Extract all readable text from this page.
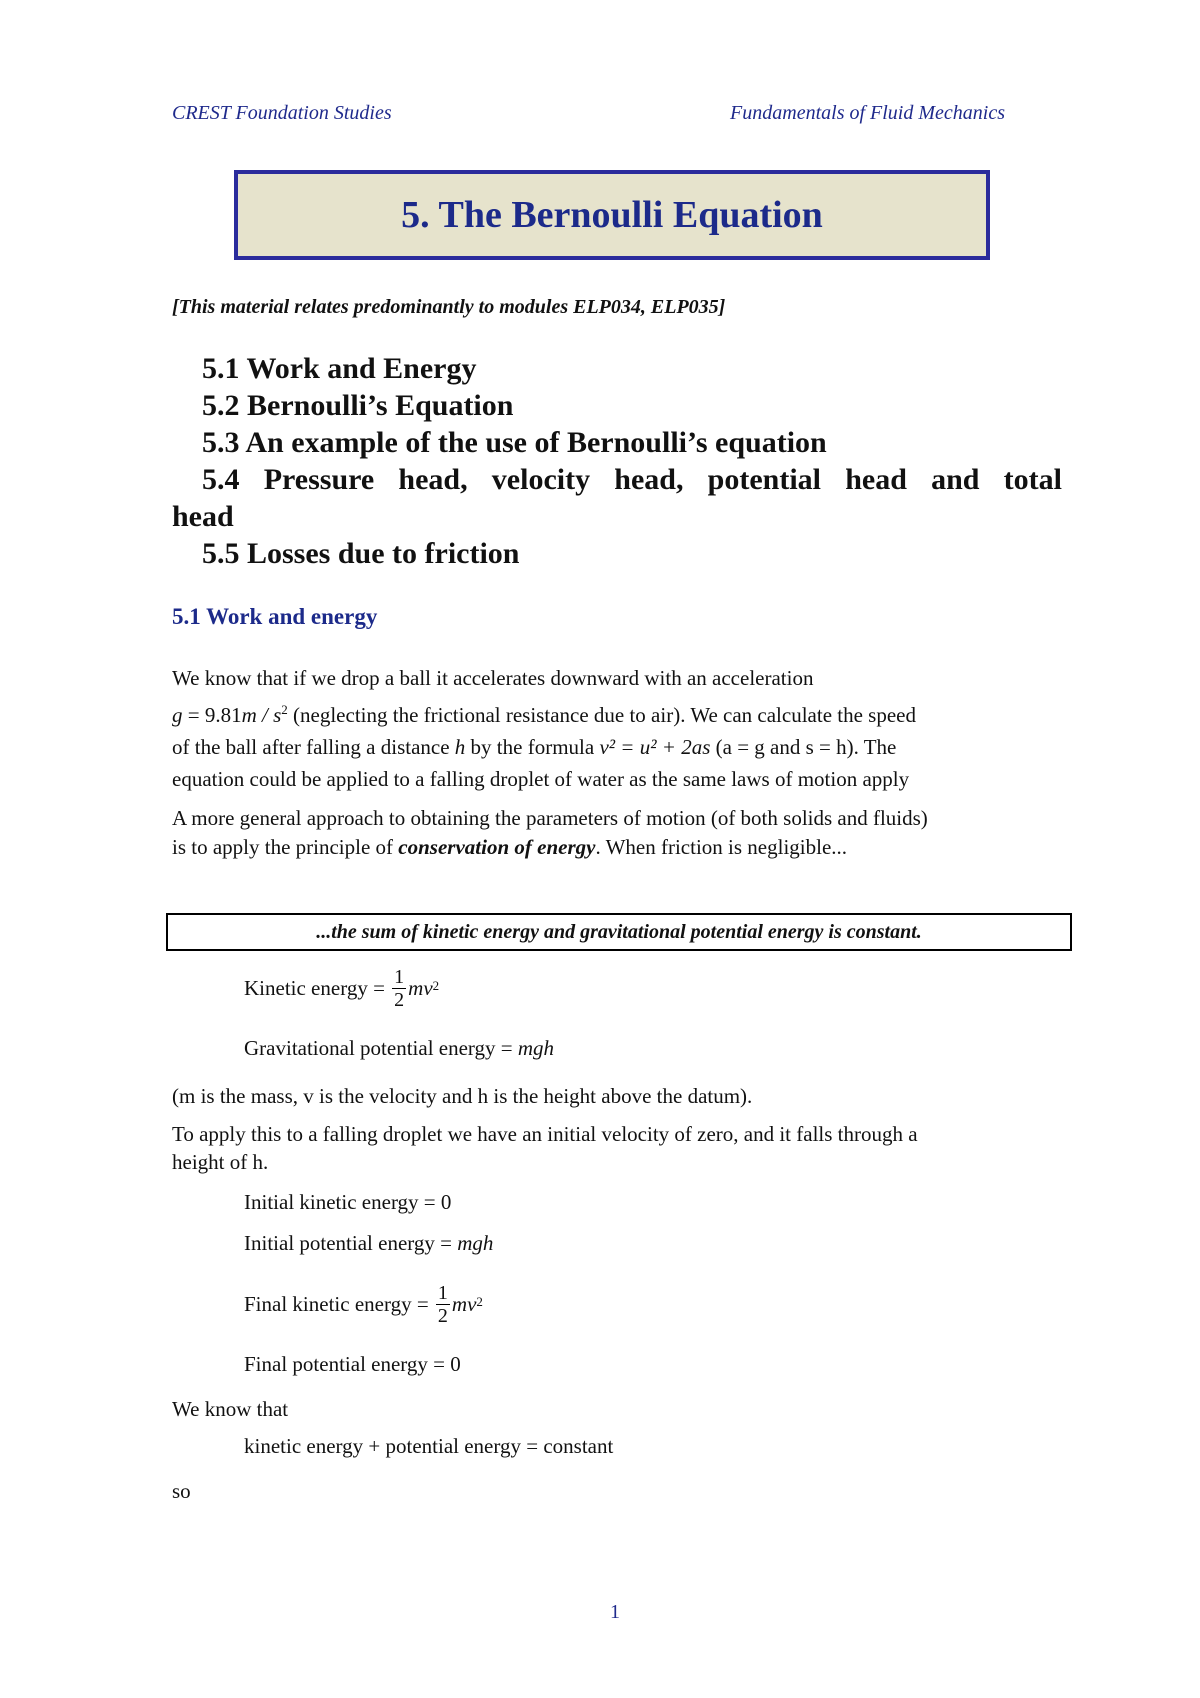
CREST Foundation Studies	Fundamentals of Fluid Mechanics
5. The Bernoulli Equation
[This material relates predominantly to modules ELP034, ELP035]

5.1 Work and Energy

5.2 Bernoulli’s Equation

5.3 An example of the use of Bernoulli’s equation

5.4 Pressure head, velocity head, potential head and total

head

5.5 Losses due to friction

5.1 Work and energy
We know that if we drop a ball it accelerates downward with an acceleration
$g = 9.81m / s^2$ (neglecting the frictional resistance due to air). We can calculate the speed
of the ball after falling a distance h by the formula v² = u² + 2as (a = g and s = h). The
equation could be applied to a falling droplet of water as the same laws of motion apply
A more general approach to obtaining the parameters of motion (of both solids and fluids)
is to apply the principle of conservation of energy. When friction is negligible...
...the sum of kinetic energy and gravitational potential energy is constant.
Kinetic energy =
$\frac{1}{2}$ mv 2
Gravitational potential energy = mgh
(m is the mass, v is the velocity and h is the height above the datum).
To apply this to a falling droplet we have an initial velocity of zero, and it falls through a
height of h.
Initial kinetic energy = 0
Initial potential energy = mgh
Final kinetic energy =
$\frac{1}{2}$ mv 2
Final potential energy = 0
We know that
kinetic energy + potential energy = constant
so
1
